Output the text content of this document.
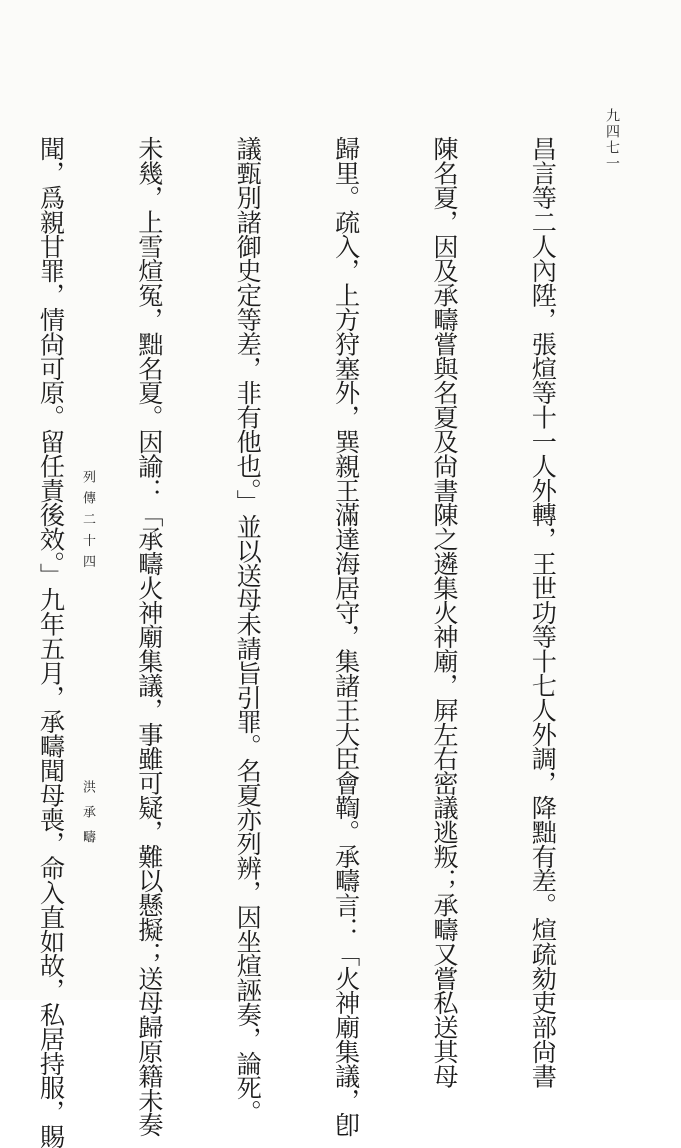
九四七一

昌言等二人內陞，張煊等十一人外轉，王世功等十七人外調，降黜有差。煊疏劾吏部尙書

陳名夏，因及承疇嘗與名夏及尙書陳之遴集火神廟，屛左右密議逃叛；承疇又嘗私送其母

歸里。疏入，上方狩塞外，巽親王滿達海居守，集諸王大臣會鞫。承疇言：「火神廟集議，卽

議甄別諸御史定等差，非有他也。」並以送母未請旨引罪。名夏亦列辨，因坐煊誣奏，論死。

未幾，上雪煊冤，黜名夏。因諭：「承疇火神廟集議，事雖可疑，難以懸擬；送母歸原籍未奏

聞，爲親甘罪，情尙可原。留任責後效。」九年五月，承疇聞母喪，命入直如故，私居持服，賜

列 傳 二 十 四
洪 承 疇
